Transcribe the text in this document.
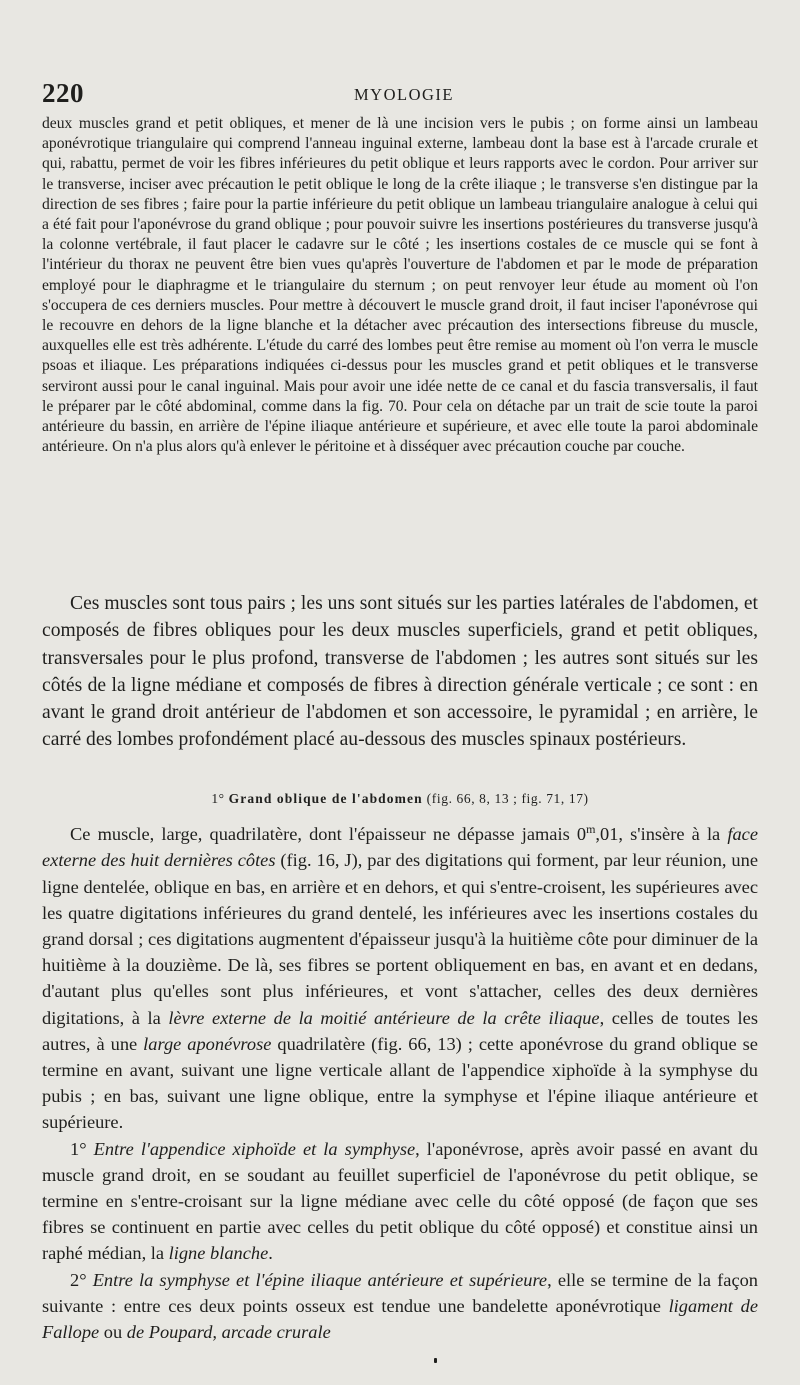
220	MYOLOGIE

deux muscles grand et petit obliques, et mener de là une incision vers le pubis ; on forme ainsi un lambeau aponévrotique triangulaire qui comprend l'anneau inguinal externe, lambeau dont la base est à l'arcade crurale et qui, rabattu, permet de voir les fibres inférieures du petit oblique et leurs rapports avec le cordon. Pour arriver sur le transverse, inciser avec précaution le petit oblique le long de la crête iliaque ; le transverse s'en distingue par la direction de ses fibres ; faire pour la partie inférieure du petit oblique un lambeau triangulaire analogue à celui qui a été fait pour l'aponévrose du grand oblique ; pour pouvoir suivre les insertions postérieures du transverse jusqu'à la colonne vertébrale, il faut placer le cadavre sur le côté ; les insertions costales de ce muscle qui se font à l'intérieur du thorax ne peuvent être bien vues qu'après l'ouverture de l'abdomen et par le mode de préparation employé pour le diaphragme et le triangulaire du sternum ; on peut renvoyer leur étude au moment où l'on s'occupera de ces derniers muscles. Pour mettre à découvert le muscle grand droit, il faut inciser l'aponévrose qui le recouvre en dehors de la ligne blanche et la détacher avec précaution des intersections fibreuse du muscle, auxquelles elle est très adhérente. L'étude du carré des lombes peut être remise au moment où l'on verra le muscle psoas et iliaque. Les préparations indiquées ci-dessus pour les muscles grand et petit obliques et le transverse serviront aussi pour le canal inguinal. Mais pour avoir une idée nette de ce canal et du fascia transversalis, il faut le préparer par le côté abdominal, comme dans la fig. 70. Pour cela on détache par un trait de scie toute la paroi antérieure du bassin, en arrière de l'épine iliaque antérieure et supérieure, et avec elle toute la paroi abdominale antérieure. On n'a plus alors qu'à enlever le péritoine et à disséquer avec précaution couche par couche.

Ces muscles sont tous pairs ; les uns sont situés sur les parties latérales de l'abdomen, et composés de fibres obliques pour les deux muscles superficiels, grand et petit obliques, transversales pour le plus profond, transverse de l'abdomen ; les autres sont situés sur les côtés de la ligne médiane et composés de fibres à direction générale verticale ; ce sont : en avant le grand droit antérieur de l'abdomen et son accessoire, le pyramidal ; en arrière, le carré des lombes profondément placé au-dessous des muscles spinaux postérieurs.

1° Grand oblique de l'abdomen (fig. 66, 8, 13 ; fig. 71, 17)

Ce muscle, large, quadrilatère, dont l'épaisseur ne dépasse jamais 0$^m$,01, s'insère à la face externe des huit dernières côtes (fig. 16, J), par des digitations qui forment, par leur réunion, une ligne dentelée, oblique en bas, en arrière et en dehors, et qui s'entre-croisent, les supérieures avec les quatre digitations inférieures du grand dentelé, les inférieures avec les insertions costales du grand dorsal ; ces digitations augmentent d'épaisseur jusqu'à la huitième côte pour diminuer de la huitième à la douzième. De là, ses fibres se portent obliquement en bas, en avant et en dedans, d'autant plus qu'elles sont plus inférieures, et vont s'attacher, celles des deux dernières digitations, à la lèvre externe de la moitié antérieure de la crête iliaque, celles de toutes les autres, à une large aponévrose quadrilatère (fig. 66, 13) ; cette aponévrose du grand oblique se termine en avant, suivant une ligne verticale allant de l'appendice xiphoïde à la symphyse du pubis ; en bas, suivant une ligne oblique, entre la symphyse et l'épine iliaque antérieure et supérieure.

1° Entre l'appendice xiphoïde et la symphyse, l'aponévrose, après avoir passé en avant du muscle grand droit, en se soudant au feuillet superficiel de l'aponévrose du petit oblique, se termine en s'entre-croisant sur la ligne médiane avec celle du côté opposé (de façon que ses fibres se continuent en partie avec celles du petit oblique du côté opposé) et constitue ainsi un raphé médian, la ligne blanche.

2° Entre la symphyse et l'épine iliaque antérieure et supérieure, elle se termine de la façon suivante : entre ces deux points osseux est tendue une bandelette aponévrotique ligament de Fallope ou de Poupard, arcade crurale
